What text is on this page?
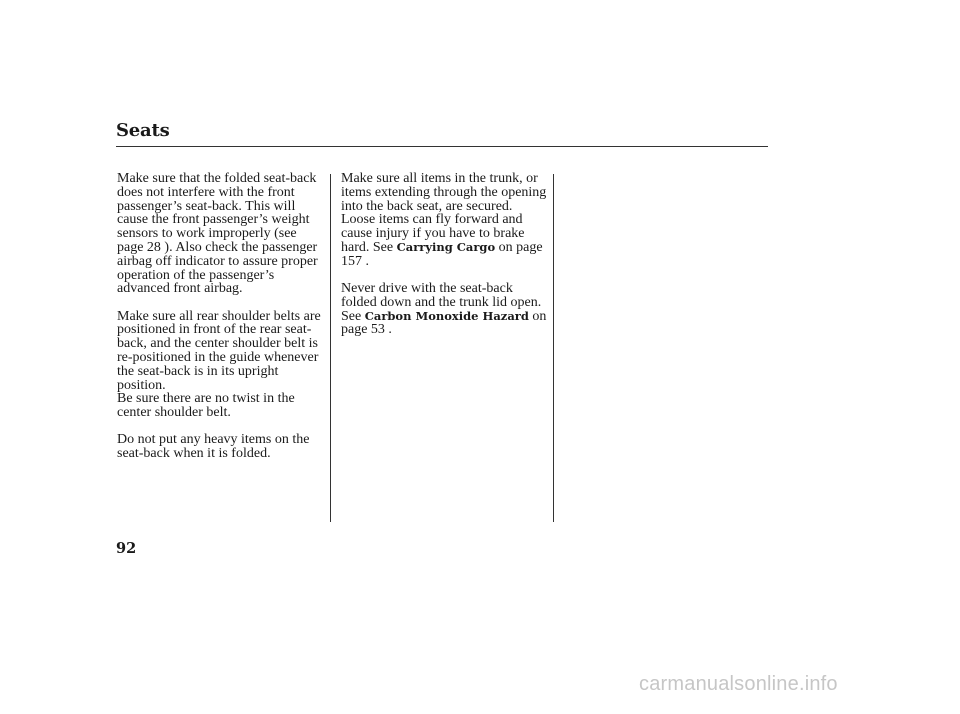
Seats

Make sure that the folded seat-back
does not interfere with the front
passenger’s seat-back. This will
cause the front passenger’s weight
sensors to work improperly (see
page 28 ). Also check the passenger
airbag off indicator to assure proper
operation of the passenger’s
advanced front airbag.

Make sure all rear shoulder belts are
positioned in front of the rear seat-
back, and the center shoulder belt is
re-positioned in the guide whenever
the seat-back is in its upright position.
Be sure there are no twist in the
center shoulder belt.

Do not put any heavy items on the
seat-back when it is folded.

Make sure all items in the trunk, or
items extending through the opening
into the back seat, are secured.
Loose items can fly forward and
cause injury if you have to brake
hard. See Carrying Cargo on page
157 .

Never drive with the seat-back
folded down and the trunk lid open.
See Carbon Monoxide Hazard on
page 53 .

92
carmanualsonline.info
